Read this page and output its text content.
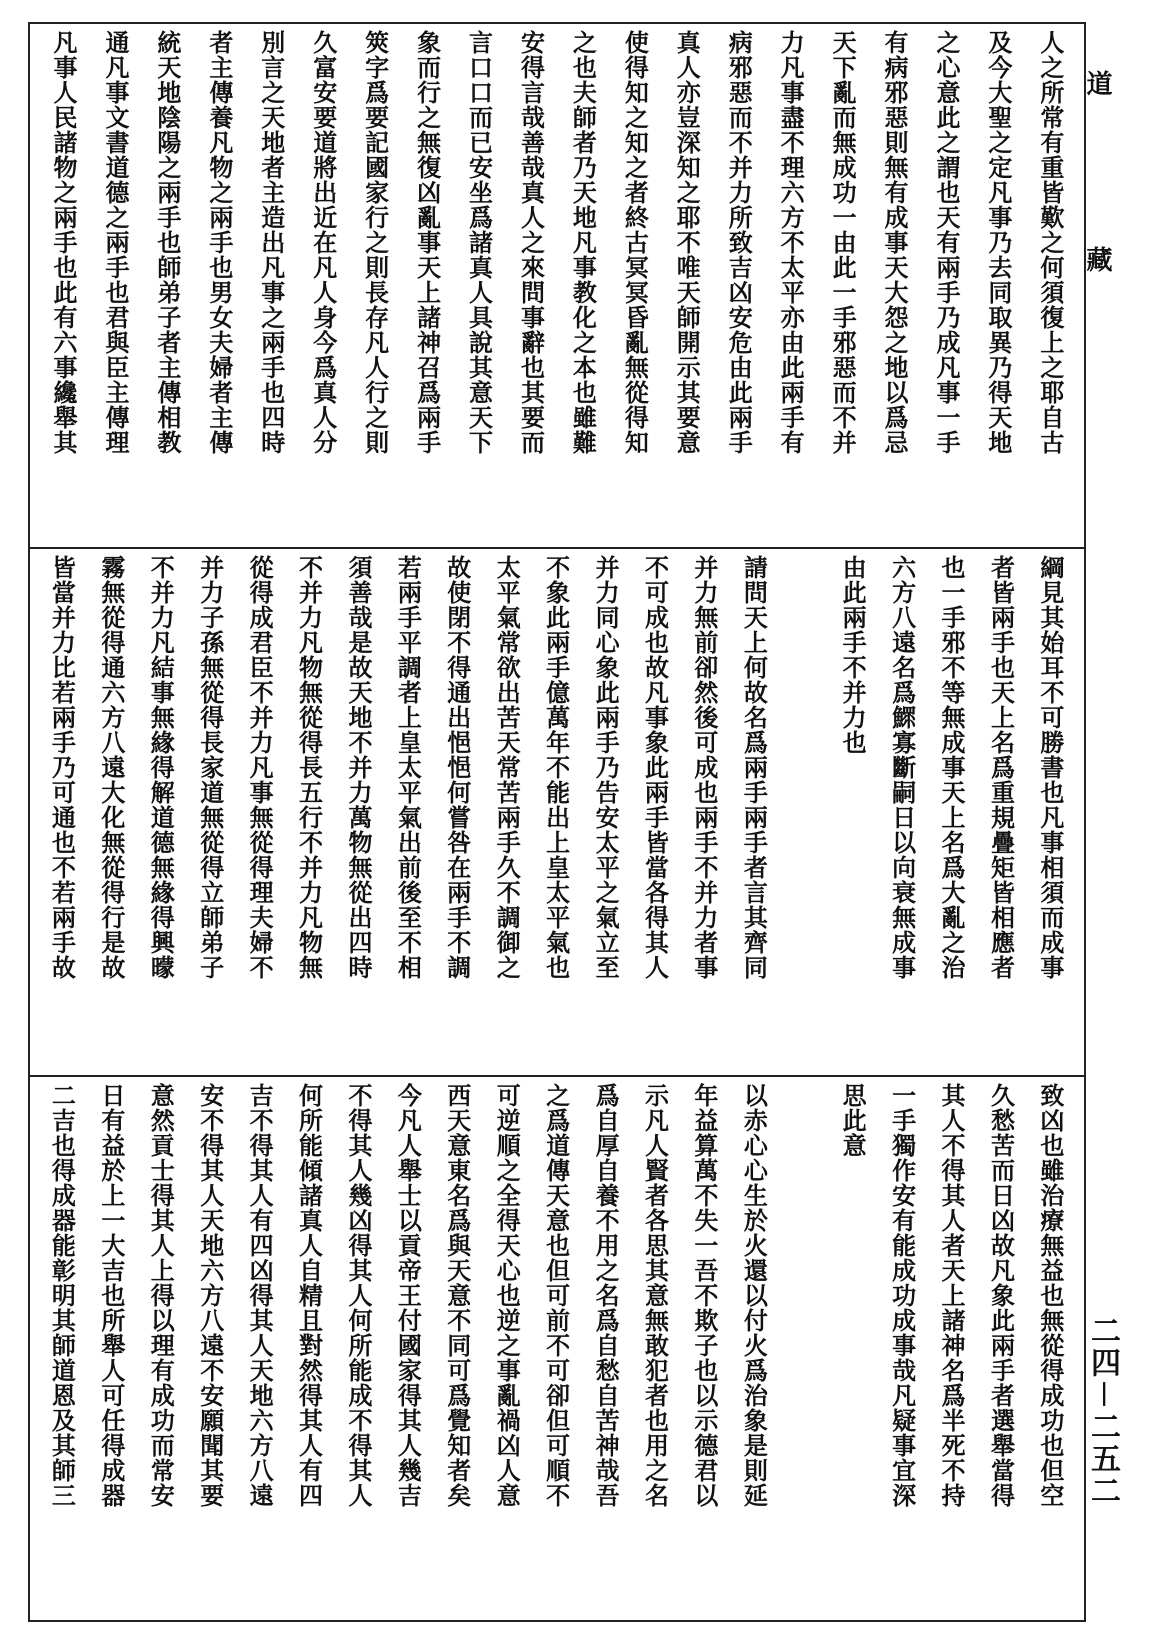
人之所常有重皆歎之何須復上之耶自古
及今大聖之定凡事乃去同取異乃得天地
之心意此之謂也天有兩手乃成凡事一手
有病邪惡則無有成事天大怨之地以爲忌
天下亂而無成功一由此一手邪惡而不并
力凡事盡不理六方不太平亦由此兩手有
病邪惡而不并力所致吉凶安危由此兩手
真人亦豈深知之耶不唯天師開示其要意
使得知之知之者終古冥冥昏亂無從得知
之也夫師者乃天地凡事教化之本也雖難
安得言哉善哉真人之來問事辭也其要而
言口口而已安坐爲諸真人具說其意天下
象而行之無復凶亂事天上諸神召爲兩手
筴字爲要記國家行之則長存凡人行之則
久富安要道將出近在凡人身今爲真人分
別言之天地者主造出凡事之兩手也四時
者主傳養凡物之兩手也男女夫婦者主傳
統天地陰陽之兩手也師弟子者主傳相教
通凡事文書道德之兩手也君與臣主傳理
凡事人民諸物之兩手也此有六事纔舉其
綱見其始耳不可勝書也凡事相須而成事
者皆兩手也天上名爲重規疊矩皆相應者
也一手邪不等無成事天上名爲大亂之治
六方八遠名爲鰥寡斷嗣日以向衰無成事
由此兩手不并力也
請問天上何故名爲兩手兩手者言其齊同
并力無前卻然後可成也兩手不并力者事
不可成也故凡事象此兩手皆當各得其人
并力同心象此兩手乃告安太平之氣立至
不象此兩手億萬年不能出上皇太平氣也
太平氣常欲出苦天常苦兩手久不調御之
故使閉不得通出悒悒何嘗咎在兩手不調
若兩手平調者上皇太平氣出前後至不相
須善哉是故天地不并力萬物無從出四時
不并力凡物無從得長五行不并力凡物無
從得成君臣不并力凡事無從得理夫婦不
并力子孫無從得長家道無從得立師弟子
不并力凡結事無緣得解道德無緣得興曚
霧無從得通六方八遠大化無從得行是故
皆當并力比若兩手乃可通也不若兩手故
致凶也雖治療無益也無從得成功也但空
久愁苦而日凶故凡象此兩手者選舉當得
其人不得其人者天上諸神名爲半死不持
一手獨作安有能成功成事哉凡疑事宜深
思此意
以赤心心生於火還以付火爲治象是則延
年益算萬不失一吾不欺子也以示德君以
示凡人賢者各思其意無敢犯者也用之名
爲自厚自養不用之名爲自愁自苦神哉吾
之爲道傳天意也但可前不可卻但可順不
可逆順之全得天心也逆之事亂禍凶人意
西天意東名爲與天意不同可爲覺知者矣
今凡人舉士以貢帝王付國家得其人幾吉
不得其人幾凶得其人何所能成不得其人
何所能傾諸真人自精且對然得其人有四
吉不得其人有四凶得其人天地六方八遠
安不得其人天地六方八遠不安願聞其要
意然貢士得其人上得以理有成功而常安
日有益於上一大吉也所舉人可任得成器
二吉也得成器能彰明其師道恩及其師三
道藏
二四－二五二
